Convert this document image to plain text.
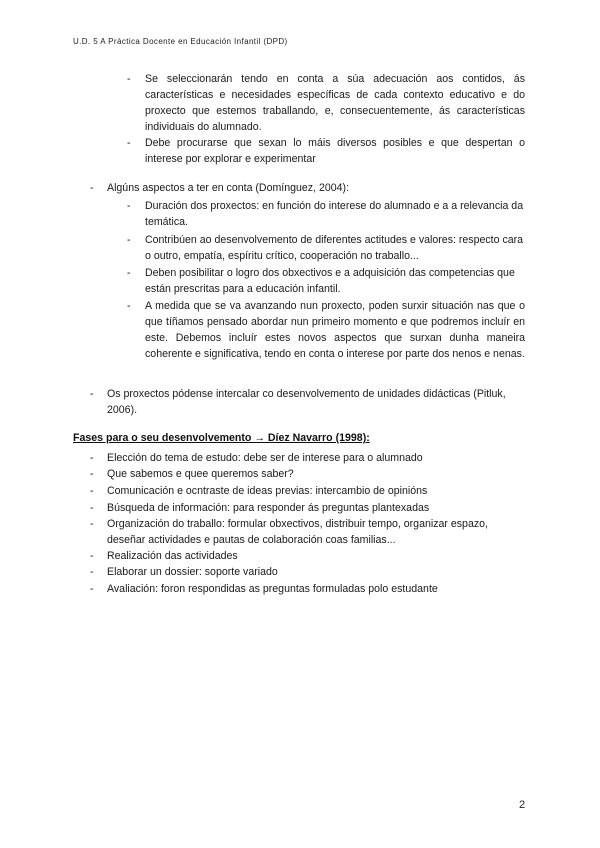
U.D. 5 A Práctica Docente en Educación Infantil (DPD)
-	Se seleccionarán tendo en conta a súa adecuación aos contidos, ás características e necesidades específicas de cada contexto educativo e do proxecto que estemos traballando, e, consecuentemente, ás características individuais do alumnado.
-	Debe procurarse que sexan lo máis diversos posibles e que despertan o interese por explorar e experimentar
-	Algúns aspectos a ter en conta (Domínguez, 2004):
-	Duración dos proxectos: en función do interese do alumnado e a a relevancia da temática.
-	Contribúen ao desenvolvemento de diferentes actitudes e valores: respecto cara o outro, empatía, espíritu crítico, cooperación no traballo...
-	Deben posibilitar o logro dos obxectivos e a adquisición das competencias que están prescritas para a educación infantil.
-	A medida que se va avanzando nun proxecto, poden surxir situación nas que o que tíñamos pensado abordar nun primeiro momento e que podremos incluír en este. Debemos incluír estes novos aspectos que surxan dunha maneira coherente e significativa, tendo en conta o interese por parte dos nenos e nenas.
-	Os proxectos pódense intercalar co desenvolvemento de unidades didácticas (Pitluk, 2006).
Fases para o seu desenvolvemento → Díez Navarro (1998):
-	Elección do tema de estudo: debe ser de interese para o alumnado
-	Que sabemos e quee queremos saber?
-	Comunicación e ocntraste de ideas previas: intercambio de opinións
-	Búsqueda de información: para responder ás preguntas plantexadas
-	Organización do traballo: formular obxectivos, distribuir tempo, organizar espazo, deseñar actividades e pautas de colaboración coas familias...
-	Realización das actividades
-	Elaborar un dossier: soporte variado
-	Avaliación: foron respondidas as preguntas formuladas polo estudante
2
